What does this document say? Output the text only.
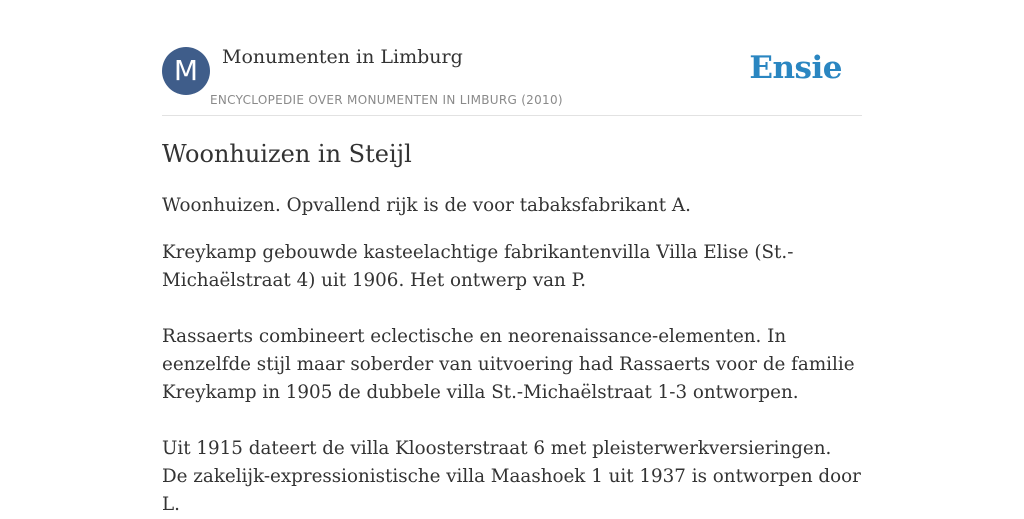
M	Monumenten in Limburg
ENCYCLOPEDIE OVER MONUMENTEN IN LIMBURG (2010)
Ensie
Woonhuizen in Steijl

Woonhuizen. Opvallend rijk is de voor tabaksfabrikant A.

Kreykamp gebouwde kasteelachtige fabrikantenvilla Villa Elise (St.-Michaëlstraat 4) uit 1906. Het ontwerp van P.

Rassaerts combineert eclectische en neorenaissance-elementen. In eenzelfde stijl maar soberder van uitvoering had Rassaerts voor de familie Kreykamp in 1905 de dubbele villa St.-Michaëlstraat 1-3 ontworpen.

Uit 1915 dateert de villa Kloosterstraat 6 met pleisterwerkversieringen. De zakelijk-expressionistische villa Maashoek 1 uit 1937 is ontworpen door L.
